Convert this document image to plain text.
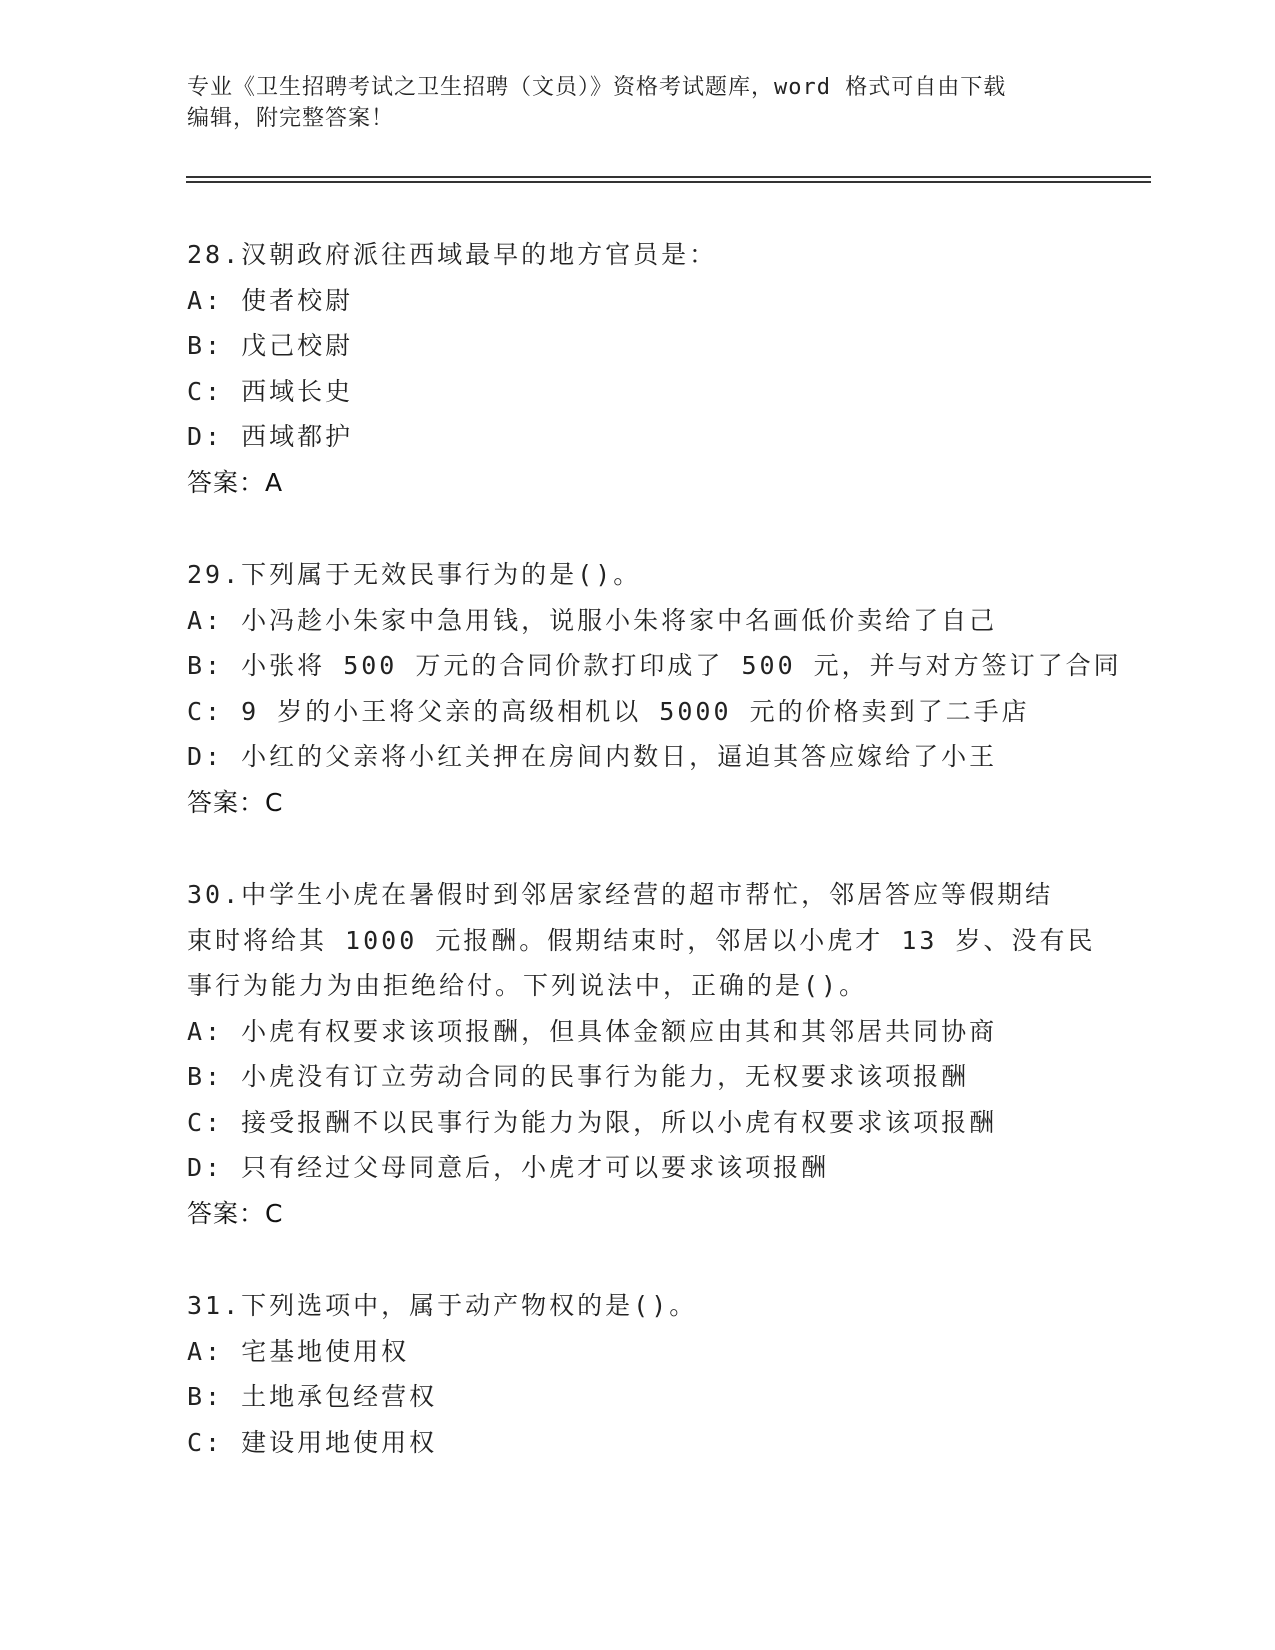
专业《卫生招聘考试之卫生招聘（文员）》资格考试题库，word 格式可自由下载
编辑，附完整答案！
28.汉朝政府派往西域最早的地方官员是：
A: 使者校尉
B: 戊己校尉
C: 西域长史
D: 西域都护
答案：A
29.下列属于无效民事行为的是()。
A: 小冯趁小朱家中急用钱，说服小朱将家中名画低价卖给了自己
B: 小张将 500 万元的合同价款打印成了 500 元，并与对方签订了合同
C: 9 岁的小王将父亲的高级相机以 5000 元的价格卖到了二手店
D: 小红的父亲将小红关押在房间内数日，逼迫其答应嫁给了小王
答案：C
30.中学生小虎在暑假时到邻居家经营的超市帮忙，邻居答应等假期结
束时将给其 1000 元报酬。假期结束时，邻居以小虎才 13 岁、没有民
事行为能力为由拒绝给付。下列说法中，正确的是()。
A: 小虎有权要求该项报酬，但具体金额应由其和其邻居共同协商
B: 小虎没有订立劳动合同的民事行为能力，无权要求该项报酬
C: 接受报酬不以民事行为能力为限，所以小虎有权要求该项报酬
D: 只有经过父母同意后，小虎才可以要求该项报酬
答案：C
31.下列选项中，属于动产物权的是()。
A: 宅基地使用权
B: 土地承包经营权
C: 建设用地使用权
